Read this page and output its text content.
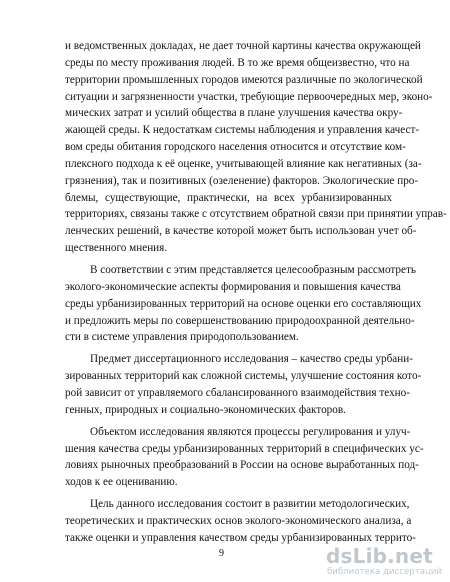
и ведомственных докладах, не дает точной картины качества окружающей
среды по месту проживания людей. В то же время общеизвестно, что на
территории промышленных городов имеются различные по экологической
ситуации и загрязненности участки, требующие первоочередных мер, эконо-
мических затрат и усилий общества в плане улучшения качества окру-
жающей среды. К недостаткам системы наблюдения и управления качест-
вом среды обитания городского населения относится и отсутствие ком-
плексного подхода к её оценке, учитывающей влияние как негативных (за-
грязнения), так и позитивных (озеленение) факторов. Экологические про-
блемы, существующие, практически, на всех урбанизированных
территориях, связаны также с отсутствием обратной связи при принятии управ-
ленческих решений, в качестве которой может быть использован учет об-
щественного мнения.
В соответствии с этим представляется целесообразным рассмотреть
эколого-экономические аспекты формирования и повышения качества
среды урбанизированных территорий на основе оценки его составляющих
и предложить меры по совершенствованию природоохранной деятельно-
сти в системе управления природопользованием.
Предмет диссертационного исследования – качество среды урбани-
зированных территорий как сложной системы, улучшение состояния кото-
рой зависит от управляемого сбалансированного взаимодействия техно-
генных, природных и социально-экономических факторов.
Объектом исследования являются процессы регулирования и улуч-
шения качества среды урбанизированных территорий в специфических ус-
ловиях рыночных преобразований в России на основе выработанных под-
ходов к ее оцениванию.
Цель данного исследования состоит в развитии методологических,
теоретических и практических основ эколого-экономического анализа, а
также оценки и управления качеством среды урбанизированных террито-
9	dsLib.net
библиотека диссертаций
